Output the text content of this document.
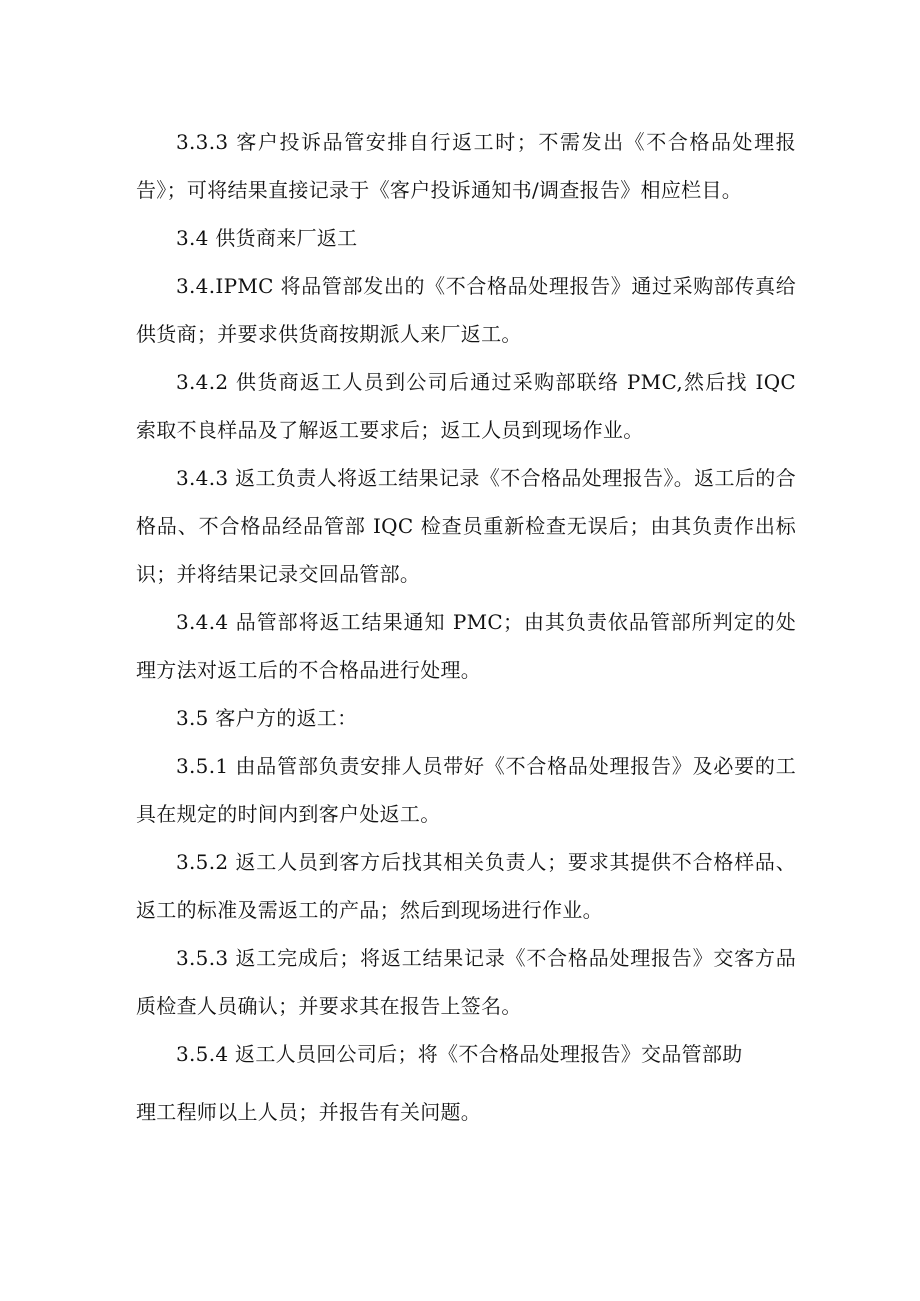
3.3.3 客户投诉品管安排自行返工时；不需发出《不合格品处理报告》；可将结果直接记录于《客户投诉通知书/调查报告》相应栏目。

3.4 供货商来厂返工

3.4.IPMC 将品管部发出的《不合格品处理报告》通过采购部传真给供货商；并要求供货商按期派人来厂返工。

3.4.2 供货商返工人员到公司后通过采购部联络 PMC,然后找 IQC 索取不良样品及了解返工要求后；返工人员到现场作业。

3.4.3 返工负责人将返工结果记录《不合格品处理报告》。返工后的合格品、不合格品经品管部 IQC 检查员重新检查无误后；由其负责作出标识；并将结果记录交回品管部。

3.4.4 品管部将返工结果通知 PMC；由其负责依品管部所判定的处理方法对返工后的不合格品进行处理。

3.5 客户方的返工：

3.5.1 由品管部负责安排人员带好《不合格品处理报告》及必要的工具在规定的时间内到客户处返工。

3.5.2 返工人员到客方后找其相关负责人；要求其提供不合格样品、返工的标准及需返工的产品；然后到现场进行作业。

3.5.3 返工完成后；将返工结果记录《不合格品处理报告》交客方品质检查人员确认；并要求其在报告上签名。

3.5.4 返工人员回公司后；将《不合格品处理报告》交品管部助

理工程师以上人员；并报告有关问题。
